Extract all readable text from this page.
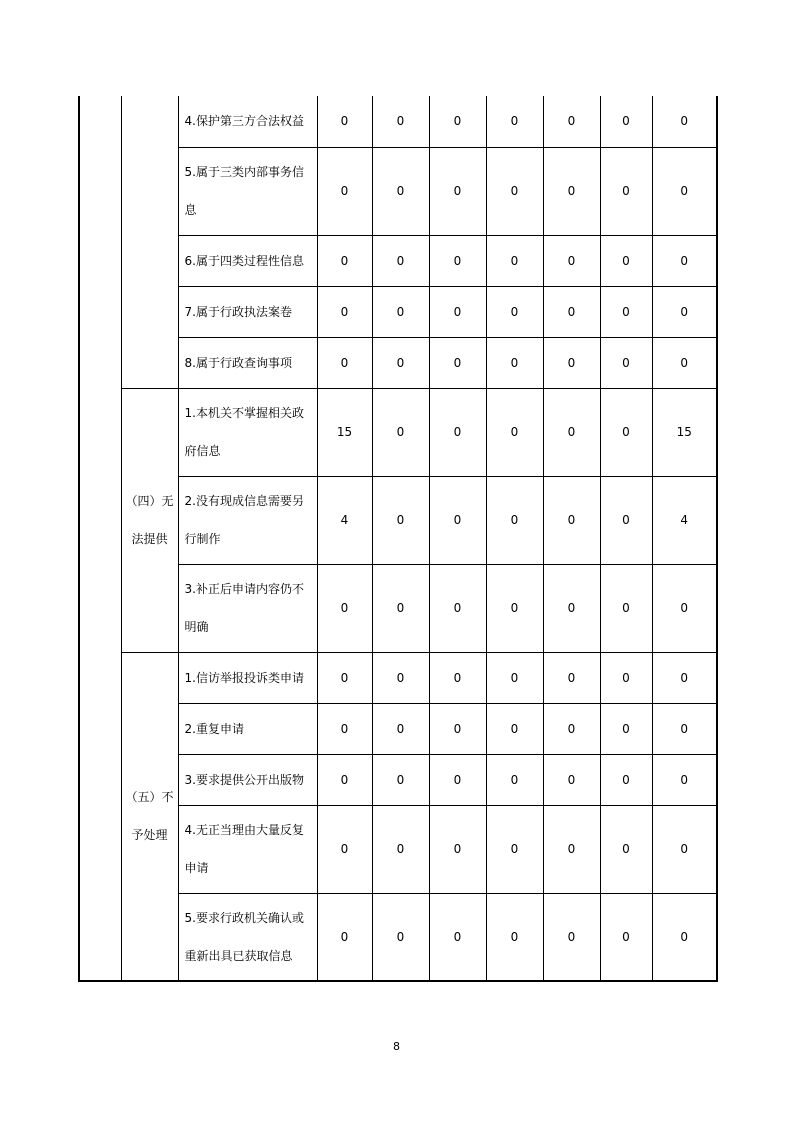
		4.保护第三方合法权益	0	0	0	0	0	0	0
		5.属于三类内部事务信息	0	0	0	0	0	0	0
		6.属于四类过程性信息	0	0	0	0	0	0	0
		7.属于行政执法案卷	0	0	0	0	0	0	0
		8.属于行政查询事项	0	0	0	0	0	0	0
	（四）无法提供	1.本机关不掌握相关政府信息	15	0	0	0	0	0	15
		2.没有现成信息需要另行制作	4	0	0	0	0	0	4
		3.补正后申请内容仍不明确	0	0	0	0	0	0	0
	（五）不予处理	1.信访举报投诉类申请	0	0	0	0	0	0	0
		2.重复申请	0	0	0	0	0	0	0
		3.要求提供公开出版物	0	0	0	0	0	0	0
		4.无正当理由大量反复申请	0	0	0	0	0	0	0
		5.要求行政机关确认或重新出具已获取信息	0	0	0	0	0	0	0
8
